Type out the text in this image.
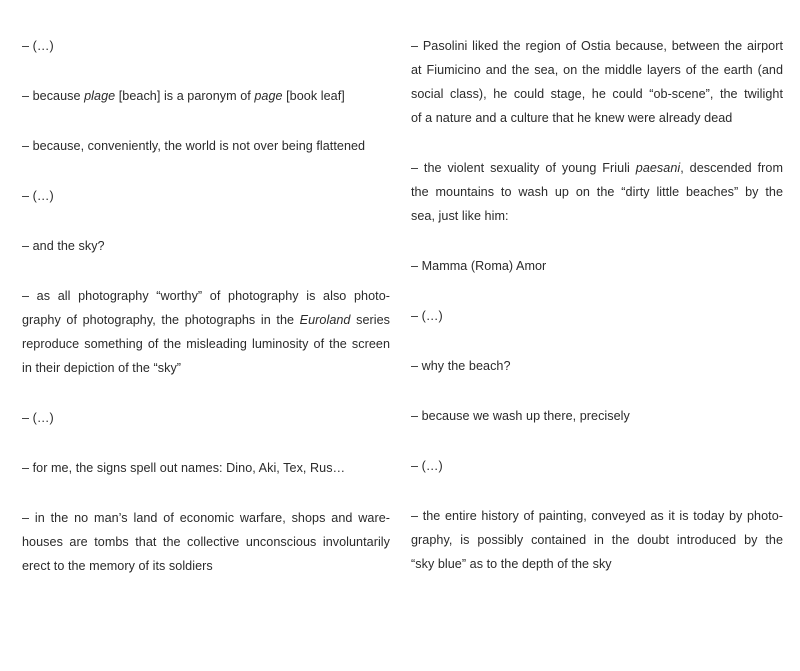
– (…)

– because plage [beach] is a paronym of page [book leaf]

– because, conveniently, the world is not over being flattened

– (…)

– and the sky?

– as all photography “worthy” of photography is also photo-
graphy of photography, the photographs in the Euroland series
reproduce something of the misleading luminosity of the screen
in their depiction of the “sky”

– (…)

– for me, the signs spell out names: Dino, Aki, Tex, Rus…

– in the no man’s land of economic warfare, shops and ware-
houses are tombs that the collective unconscious involuntarily
erect to the memory of its soldiers

– Pasolini liked the region of Ostia because, between the airport
at Fiumicino and the sea, on the middle layers of the earth (and
social class), he could stage, he could “ob-scene”, the twilight
of a nature and a culture that he knew were already dead

– the violent sexuality of young Friuli paesani, descended from
the mountains to wash up on the “dirty little beaches” by the
sea, just like him:

– Mamma (Roma) Amor

– (…)

– why the beach?

– because we wash up there, precisely

– (…)

– the entire history of painting, conveyed as it is today by photo-
graphy, is possibly contained in the doubt introduced by the
“sky blue” as to the depth of the sky
